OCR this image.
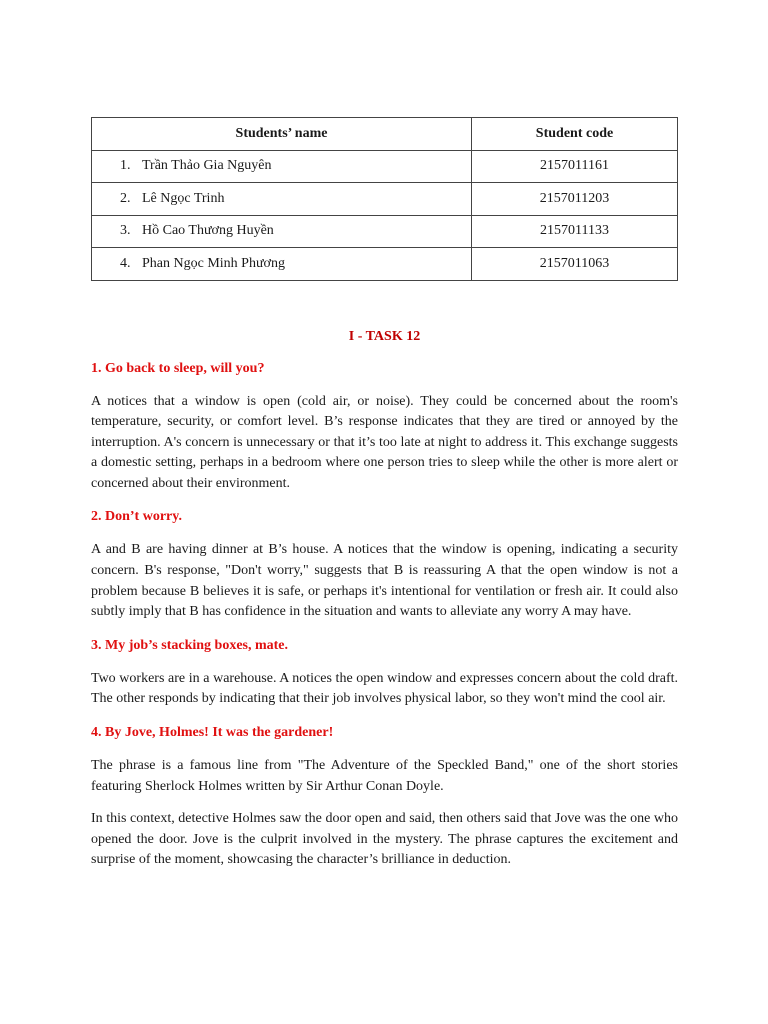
Students’ name	Student code
1. Trần Thảo Gia Nguyên	2157011161
2. Lê Ngọc Trinh	2157011203
3. Hồ Cao Thương Huyền	2157011133
4. Phan Ngọc Minh Phương	2157011063
I - TASK 12
1. Go back to sleep, will you?

A notices that a window is open (cold air, or noise). They could be concerned about the room's temperature, security, or comfort level. B’s response indicates that they are tired or annoyed by the interruption. A's concern is unnecessary or that it’s too late at night to address it. This exchange suggests a domestic setting, perhaps in a bedroom where one person tries to sleep while the other is more alert or concerned about their environment.

2. Don’t worry.

A and B are having dinner at B’s house. A notices that the window is opening, indicating a security concern. B's response, "Don't worry," suggests that B is reassuring A that the open window is not a problem because B believes it is safe, or perhaps it's intentional for ventilation or fresh air. It could also subtly imply that B has confidence in the situation and wants to alleviate any worry A may have.

3. My job’s stacking boxes, mate.

Two workers are in a warehouse. A notices the open window and expresses concern about the cold draft. The other responds by indicating that their job involves physical labor, so they won't mind the cool air.

4. By Jove, Holmes! It was the gardener!

The phrase is a famous line from "The Adventure of the Speckled Band," one of the short stories featuring Sherlock Holmes written by Sir Arthur Conan Doyle.

In this context, detective Holmes saw the door open and said, then others said that Jove was the one who opened the door. Jove is the culprit involved in the mystery. The phrase captures the excitement and surprise of the moment, showcasing the character’s brilliance in deduction.
